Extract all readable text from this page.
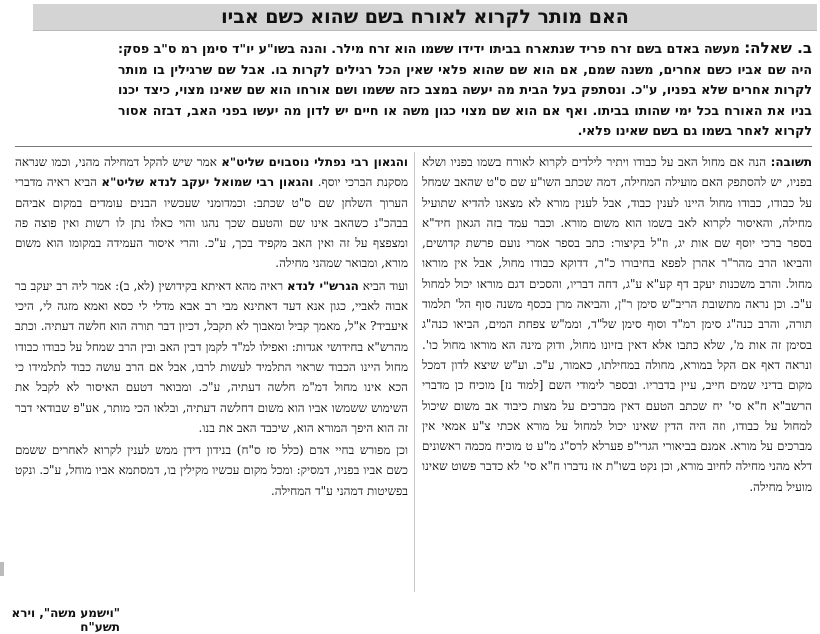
האם מותר לקרוא לאורח בשם שהוא כשם אביו
ב. שאלה: מעשה באדם בשם זרח פריד שנתארח בביתו ידידו ששמו הוא זרח מילר. והנה בשו"ע יו"ד סימן רמ ס"ב פסק: היה שם אביו כשם אחרים, משנה שמם, אם הוא שם שהוא פלאי שאין הכל רגילים לקרות בו. אבל שם שרגילין בו מותר לקרות אחרים שלא בפניו, ע"כ. ונסתפק בעל הבית מה יעשה במצב כזה ששמו ושם אורחו הוא שם שאינו מצוי, כיצד יכנו בניו את האורח בכל ימי שהותו בביתו. ואף אם הוא שם מצוי כגון משה או חיים יש לדון מה יעשו בפני האב, דבזה אסור לקרוא לאחר בשמו גם בשם שאינו פלאי.
תשובה: הנה אם מחול האב על כבודו ויתיר לילדים לקרוא לאורח בשמו בפניו ושלא בפניו, יש להסתפק האם מועילה המחילה, דמה שכתב השו"ע שם ס"ט שהאב שמחל על כבודו, כבודו מחול היינו לענין כבוד, אבל לענין מורא לא מצאנו להדיא שתועיל מחילה, והאיסור לקרוא לאב בשמו הוא משום מורא. וכבר עמד בזה הגאון חיד"א בספר ברכי יוסף שם אות יג, וז"ל בקיצור: כתב בספר אמרי נועם פרשת קדושים, והביאו הרב מהר"ר אהרן לפפא בחיבורו כ"ר, דדוקא כבודו מחול, אבל אין מוראו מחול. והרב משכנות יעקב דף קע"א ע"ג, דחה דבריו, והסכים דגם מוראו יכול למחול ע"כ. וכן נראה מתשובת הריב"ש סימן ר"ן, והביאה מרן בכסף משנה סוף הל' תלמוד תורה, והרב כנה"ג סימן רמ"ד וסוף סימן של"ד, וממ"ש צפחת המים, הביאו כנה"ג בסימן זה אות מ', שלא כתבו אלא דאין בזיונו מחול, ודוק מינה הא מוראו מחול כו'. ונראה דאף אם הקל במורא, מחולה במחילתו, כאמור, ע"כ. וע"ש שיצא לדון דמכל מקום בדיני שמים חייב, עיין בדבריו. ובספר לימודי השם [למוד נז] מוכיח כן מדברי הרשב"א ח"א סי' יח שכתב הטעם דאין מברכים על מצות כיבוד אב משום שיכול למחול על כבודו, וזה היה הדין שאינו יכול למחול על מורא אכתי צ"ע אמאי אין מברכים על מורא. אמנם בביאורי הגרי"פ פערלא לרס"ג מ"ע ט מוכיח מכמה ראשונים דלא מהני מחילה לחיוב מורא, וכן נקט בשו"ת אז נדברו ח"א סי' לא כדבר פשוט שאינו מועיל מחילה.

והגאון רבי נפתלי נוסבוים שליט"א אמר שיש להקל דמחילה מהני, וכמו שנראה מסקנת הברכי יוסף. והגאון רבי שמואל יעקב לנדא שליט"א הביא ראיה מדברי הערוך השלחן שם ס"ט שכתב: וכמדומני שעכשיו הבנים עומדים במקום אביהם בבהכ"נ כשהאב אינו שם והטעם שכך נהגו והוי כאלו נתן לו רשות ואין פוצה פה ומצפצף על זה ואין האב מקפיד בכך, ע"כ. והרי איסור העמידה במקומו הוא משום מורא, ומבואר שמהני מחילה.

ועוד הביא הגרש"י לנדא ראיה מהא דאיתא בקידושין (לא, ב): אמר ליה רב יעקב בר אבוה לאביי, כגון אנא דעד דאתינא מבי רב אבא מדלי לי כסא ואמא מזגה לי, היכי איעביד? א"ל, מאמך קביל ומאבוך לא תקבל, דכיון דבר תורה הוא חלשה דעתיה. וכתב מהרש"א בחידושי אגדות: ואפילו למ"ד לקמן דבין האב ובין הרב שמחל על כבודו כבודו מחול היינו הכבוד שראוי התלמיד לעשות לרבו, אבל אם הרב עושה כבוד לתלמידו כי הכא אינו מחול דמ"מ חלשה דעתיה, ע"כ. ומבואר דטעם האיסור לא לקבל את השימוש ששמשו אביו הוא משום דחלשה דעתיה, ובלאו הכי מותר, אע"פ שבודאי דבר זה הוא היפך המורא הוא, שיכבד האב את בנו.

וכן מפורש בחיי אדם (כלל סז ס"ח) בנידון דידן ממש לענין לקרוא לאחרים ששמם כשם אביו בפניו, דמסיק: ומכל מקום עכשיו מקילין בו, דמסתמא אביו מוחל, ע"כ. ונקט בפשיטות דמהני ע"ד המחילה.

"וישמע משה", וירא תשע"ח
